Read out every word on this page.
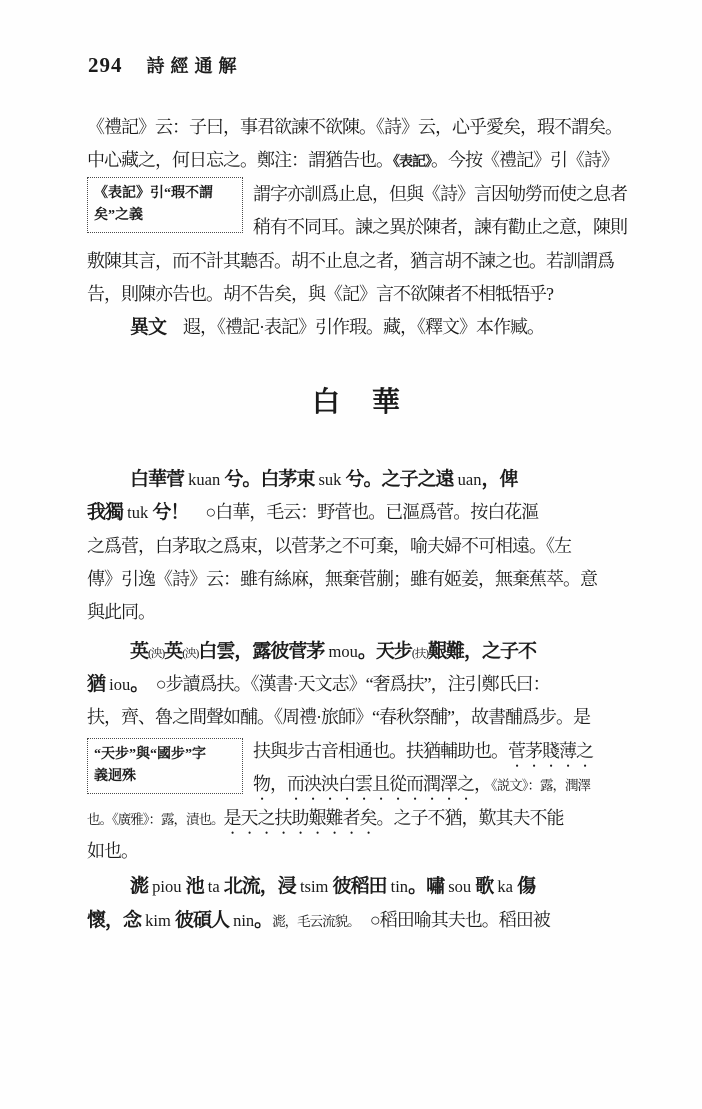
294 詩經通解
《表記》引“瑕不謂
矣”之義
“天步”與“國步”字
義迥殊
《禮記》云：子曰，事君欲諫不欲陳。《詩》云，心乎愛矣，瑕不謂矣。
中心藏之，何日忘之。鄭注：謂猶告也。《表記》。今按《禮記》引《詩》
謂字亦訓爲止息，但與《詩》言因劬勞而使之息者
稍有不同耳。諫之異於陳者，諫有勸止之意，陳則
敷陳其言，而不計其聽否。胡不止息之者，猶言胡不諫之也。若訓謂爲
告，則陳亦告也。胡不告矣，與《記》言不欲陳者不相牴牾乎?
異文　遐，《禮記·表記》引作瑕。藏，《釋文》本作臧。
白　華
白華菅 kuan 兮。白茅束 suk 兮。之子之遠 uan，俾
我獨 tuk 兮！　○白華，毛云：野菅也。已漚爲菅。按白花漚
之爲菅，白茅取之爲束，以菅茅之不可棄，喻夫婦不可相遠。《左
傳》引逸《詩》云：雖有絲麻，無棄菅蒯；雖有姬姜，無棄蕉萃。意
與此同。
英(泱)英(泱)白雲，露彼菅茅 mou。天步(扶)艱難，之子不
猶 iou。　○步讀爲扶。《漢書·天文志》“奢爲扶”，注引鄭氏曰：
扶，齊、魯之間聲如酺。《周禮·旅師》“春秋祭酺”，故書酺爲步。是
扶與步古音相通也。扶猶輔助也。菅茅賤薄之
物，而泱泱白雲且從而潤澤之，《説文》：露，潤澤
也。《廣雅》：露，漬也。是天之扶助艱難者矣。之子不猶，歎其夫不能
如也。
滮 piou 池 ta 北流，浸 tsim 彼稻田 tin。嘯 sou 歌 ka 傷
懷，念 kim 彼碩人 nin。滮，毛云流貌。　○稻田喻其夫也。稻田被
